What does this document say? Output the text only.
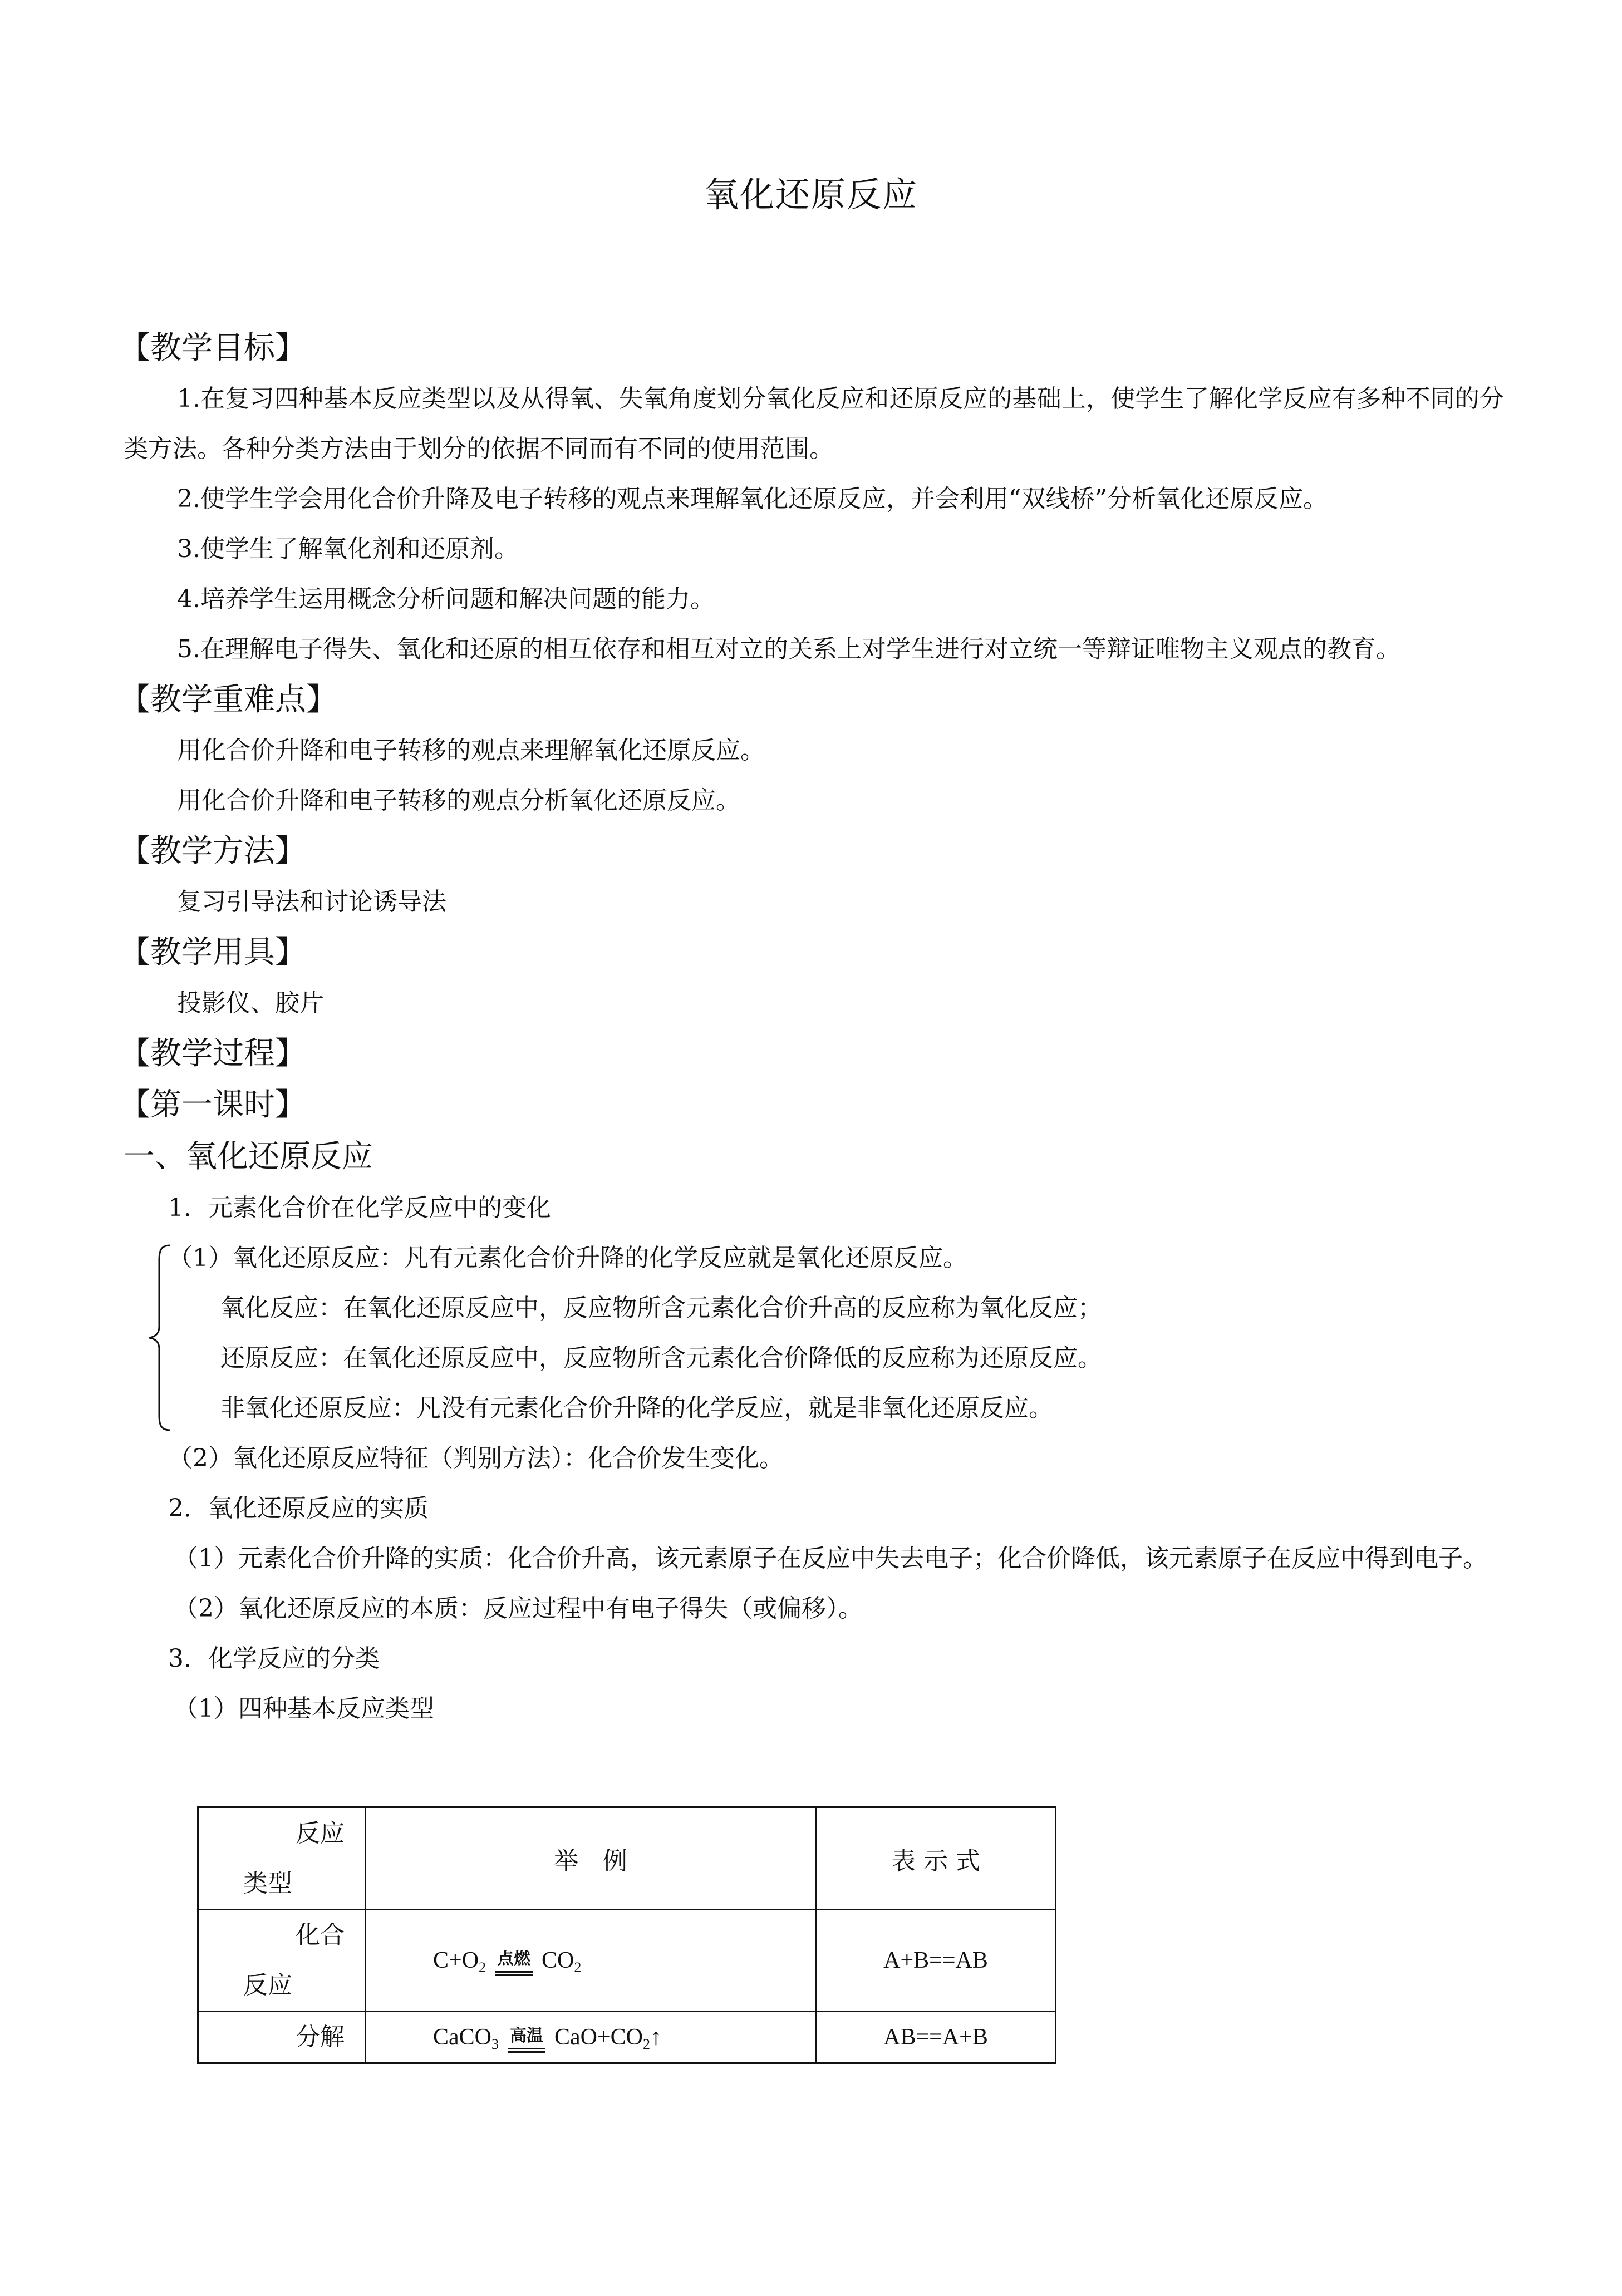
氧化还原反应
【教学目标】
1.在复习四种基本反应类型以及从得氧、失氧角度划分氧化反应和还原反应的基础上，使学生了解化学反应有多种不同的分类方法。各种分类方法由于划分的依据不同而有不同的使用范围。
2.使学生学会用化合价升降及电子转移的观点来理解氧化还原反应，并会利用“双线桥”分析氧化还原反应。
3.使学生了解氧化剂和还原剂。
4.培养学生运用概念分析问题和解决问题的能力。
5.在理解电子得失、氧化和还原的相互依存和相互对立的关系上对学生进行对立统一等辩证唯物主义观点的教育。
【教学重难点】
用化合价升降和电子转移的观点来理解氧化还原反应。
用化合价升降和电子转移的观点分析氧化还原反应。
【教学方法】
复习引导法和讨论诱导法
【教学用具】
投影仪、胶片
【教学过程】
【第一课时】
一、氧化还原反应
1．元素化合价在化学反应中的变化
（1）氧化还原反应：凡有元素化合价升降的化学反应就是氧化还原反应。
氧化反应：在氧化还原反应中，反应物所含元素化合价升高的反应称为氧化反应；
还原反应：在氧化还原反应中，反应物所含元素化合价降低的反应称为还原反应。
非氧化还原反应：凡没有元素化合价升降的化学反应，就是非氧化还原反应。
（2）氧化还原反应特征（判别方法）：化合价发生变化。
2．氧化还原反应的实质
（1）元素化合价升降的实质：化合价升高，该元素原子在反应中失去电子；化合价降低，该元素原子在反应中得到电子。
（2）氧化还原反应的本质：反应过程中有电子得失（或偏移）。
3．化学反应的分类
（1）四种基本反应类型
反应
类型	举　例	表 示 式

化合
反应	$C+O_2$ 点燃 $CO_2$	A+B==AB

分解	CaCO$_3$ 高温 $CaO+CO_2↑$	AB==A+B
